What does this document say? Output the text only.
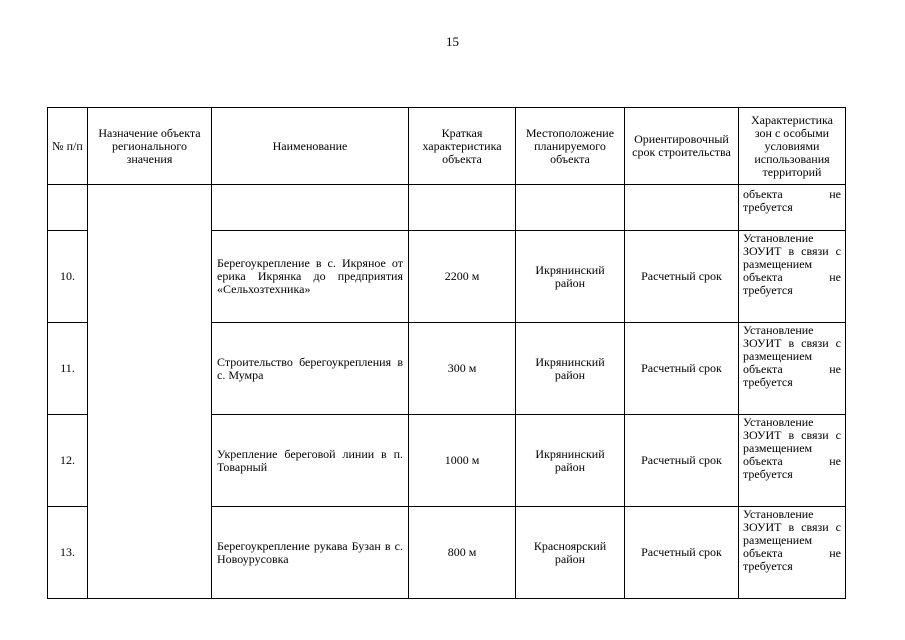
15
№ п/п	Назначение объекта регионального значения	Наименование	Краткая характеристика объекта	Местоположение планируемого объекта	Ориентировочный срок строительства	Характеристика зон с особыми условиями использования территорий
						объекта не требуется
10.		Берегоукрепление в с. Икряное от ерика Икрянка до предприятия «Сельхозтехника»	2200 м	Икрянинский район	Расчетный срок	Установление ЗОУИТ в связи с размещением объекта не требуется
11.		Строительство берегоукрепления в с. Мумра	300 м	Икрянинский район	Расчетный срок	Установление ЗОУИТ в связи с размещением объекта не требуется
12.		Укрепление береговой линии в п. Товарный	1000 м	Икрянинский район	Расчетный срок	Установление ЗОУИТ в связи с размещением объекта не требуется
13.		Берегоукрепление рукава Бузан в с. Новоурусовка	800 м	Красноярский район	Расчетный срок	Установление ЗОУИТ в связи с размещением объекта не требуется
